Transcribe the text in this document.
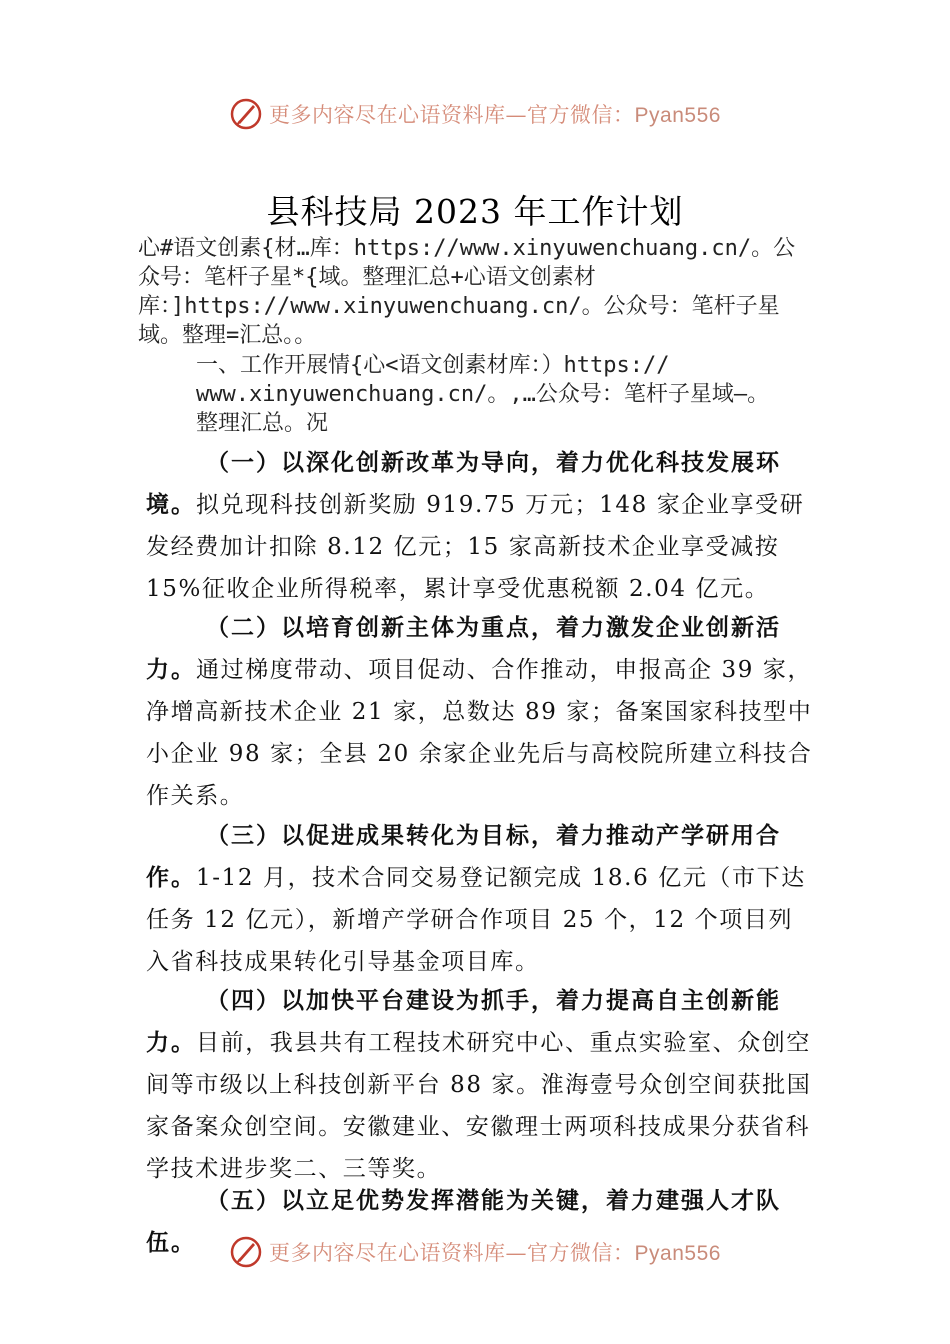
更多内容尽在心语资料库—官方微信：Pyan556
县科技局 2023 年工作计划
心#语文创素{材…库：https://www.xinyuwenchuang.cn/。公
众号：笔杆子星*{域。整理汇总+心语文创素材
库：]https://www.xinyuwenchuang.cn/。公众号：笔杆子星
域。整理=汇总。。
一、工作开展情{心<语文创素材库：）https://
www.xinyuwenchuang.cn/。,…公众号：笔杆子星域—。
整理汇总。况
（一）以深化创新改革为导向，着力优化科技发展环境。拟兑现科技创新奖励 919.75 万元；148 家企业享受研发经费加计扣除 8.12 亿元；15 家高新技术企业享受减按 15%征收企业所得税率，累计享受优惠税额 2.04 亿元。
（二）以培育创新主体为重点，着力激发企业创新活力。通过梯度带动、项目促动、合作推动，申报高企 39 家，净增高新技术企业 21 家，总数达 89 家；备案国家科技型中小企业 98 家；全县 20 余家企业先后与高校院所建立科技合作关系。
（三）以促进成果转化为目标，着力推动产学研用合作。1-12 月，技术合同交易登记额完成 18.6 亿元（市下达任务 12 亿元），新增产学研合作项目 25 个，12 个项目列入省科技成果转化引导基金项目库。
（四）以加快平台建设为抓手，着力提高自主创新能力。目前，我县共有工程技术研究中心、重点实验室、众创空间等市级以上科技创新平台 88 家。淮海壹号众创空间获批国家备案众创空间。安徽建业、安徽理士两项科技成果分获省科学技术进步奖二、三等奖。
（五）以立足优势发挥潜能为关键，着力建强人才队伍。	更多内容尽在心语资料库—官方微信：Pyan556
